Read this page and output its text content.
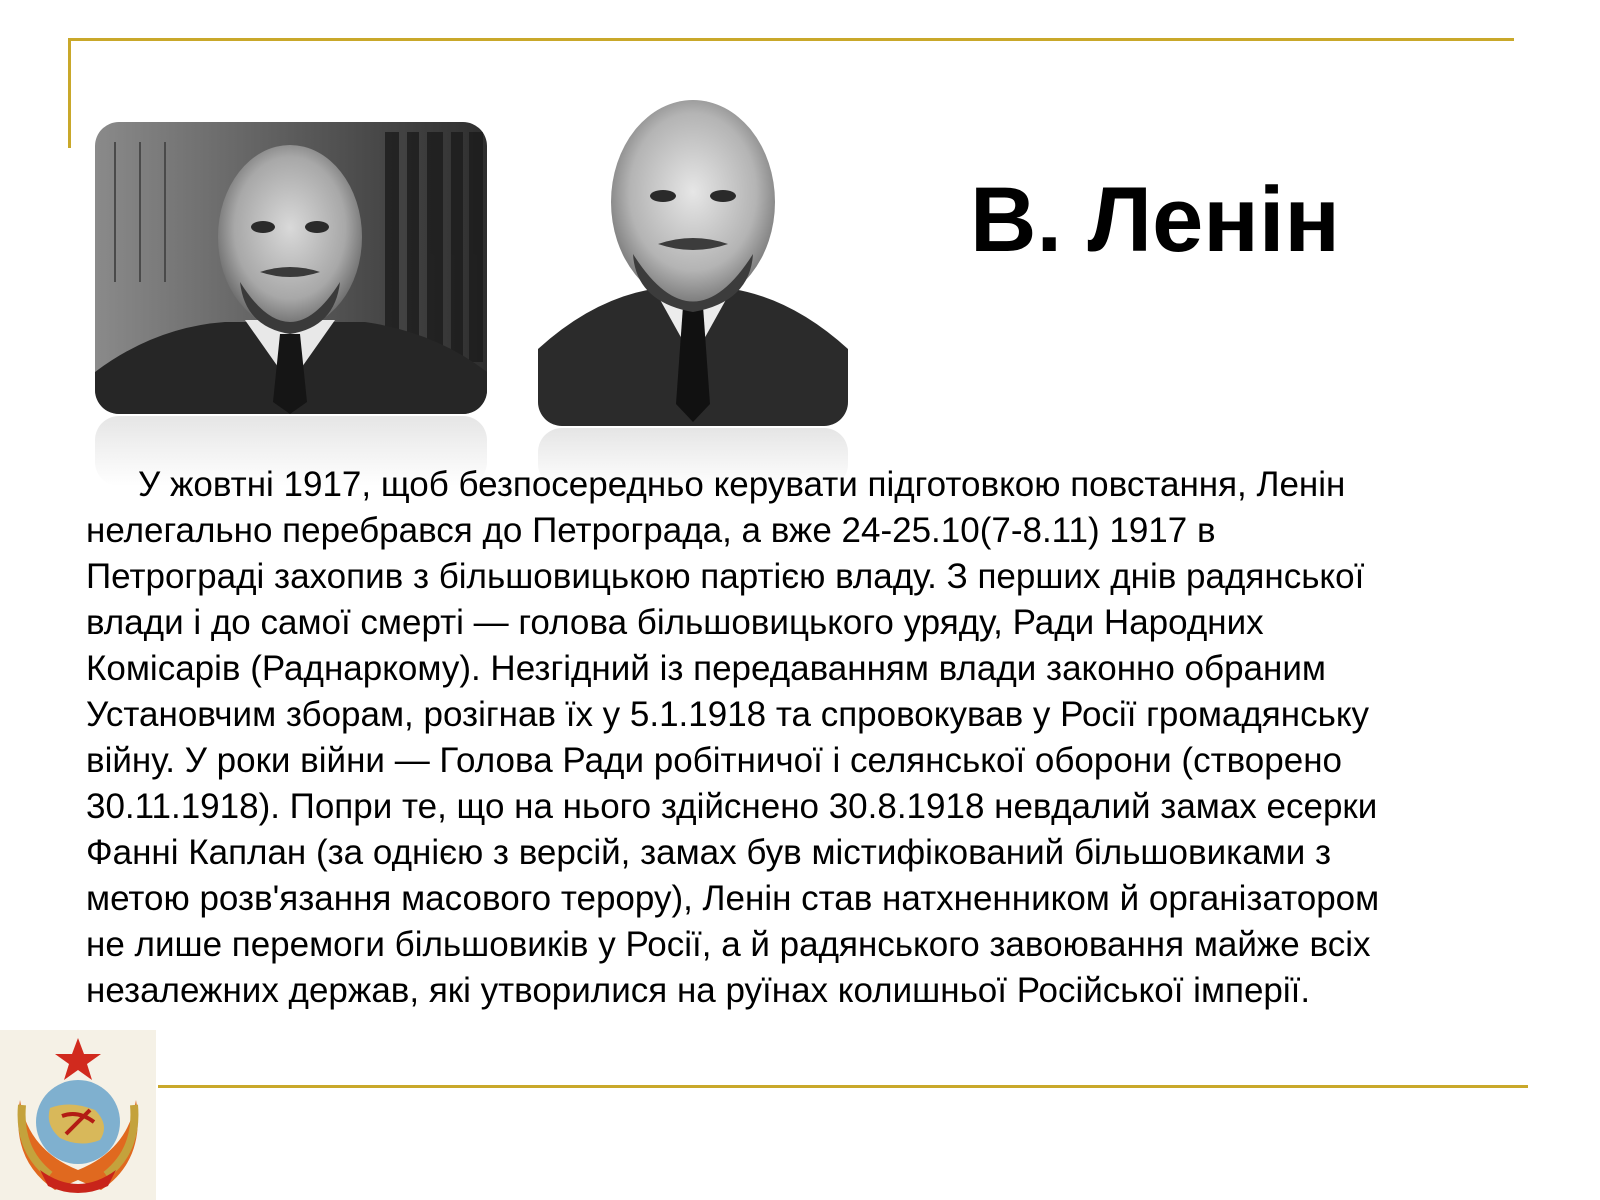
В. Ленін
У жовтні 1917, щоб безпосередньо керувати підготовкою повстання, Ленін
нелегально перебрався до Петрограда, а вже 24-25.10(7-8.11) 1917 в
Петрограді захопив з більшовицькою партією владу. З перших днів радянської
влади і до самої смерті — голова більшовицького уряду, Ради Народних
Комісарів (Раднаркому). Незгідний із передаванням влади законно обраним
Установчим зборам, розігнав їх у 5.1.1918 та спровокував у Росії громадянську
війну. У роки війни — Голова Ради робітничої і селянської оборони (створено
30.11.1918). Попри те, що на нього здійснено 30.8.1918 невдалий замах есерки
Фанні Каплан (за однією з версій, замах був містифікований більшовиками з
метою розв'язання масового терору), Ленін став натхненником й організатором
не лише перемоги більшовиків у Росії, а й радянського завоювання майже всіх
незалежних держав, які утворилися на руїнах колишньої Російської імперії.
